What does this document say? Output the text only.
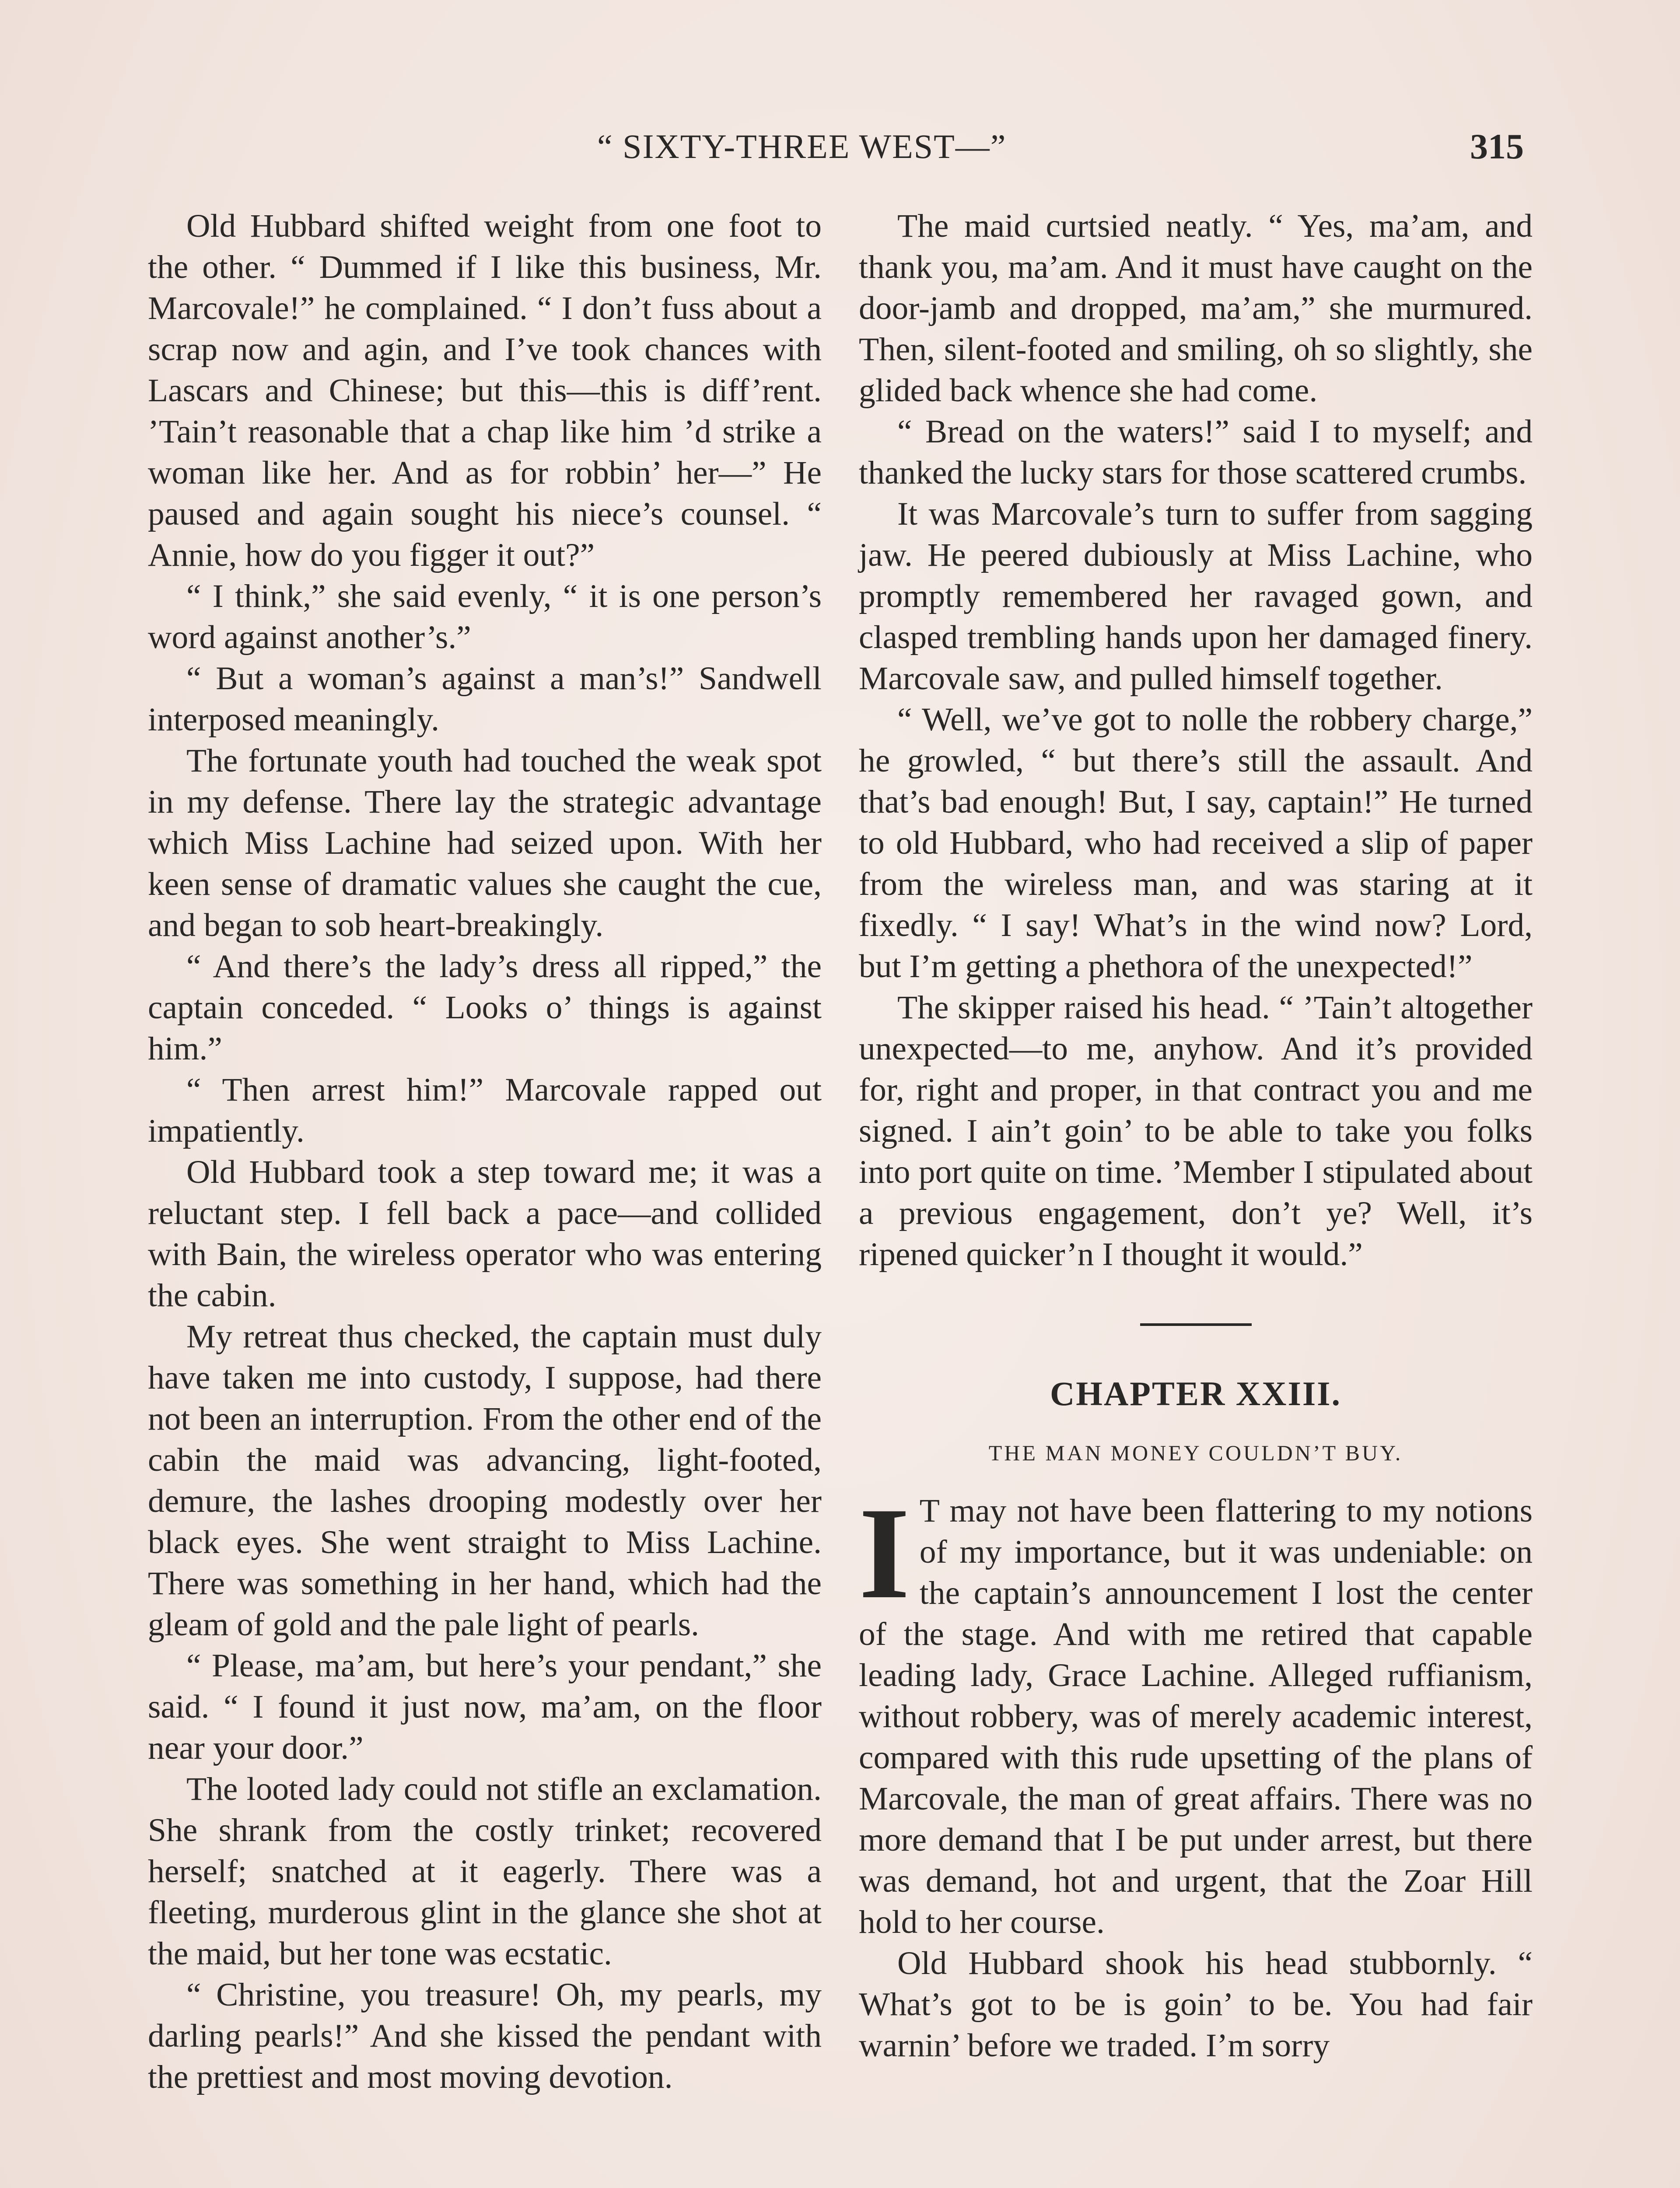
“ SIXTY-THREE WEST—”	315

Old Hubbard shifted weight from one foot to the other. “ Dummed if I like this business, Mr. Marcovale!” he complained. “ I don’t fuss about a scrap now and agin, and I’ve took chances with Lascars and Chinese; but this—this is diff’rent. ’Tain’t reasonable that a chap like him ’d strike a woman like her. And as for robbin’ her—” He paused and again sought his niece’s counsel. “ Annie, how do you figger it out?”

“ I think,” she said evenly, “ it is one person’s word against another’s.”

“ But a woman’s against a man’s!” Sandwell interposed meaningly.

The fortunate youth had touched the weak spot in my defense. There lay the strategic advantage which Miss Lachine had seized upon. With her keen sense of dramatic values she caught the cue, and began to sob heart-breakingly.

“ And there’s the lady’s dress all ripped,” the captain conceded. “ Looks o’ things is against him.”

“ Then arrest him!” Marcovale rapped out impatiently.

Old Hubbard took a step toward me; it was a reluctant step. I fell back a pace—and collided with Bain, the wireless operator who was entering the cabin.

My retreat thus checked, the captain must duly have taken me into custody, I suppose, had there not been an interruption. From the other end of the cabin the maid was advancing, light-footed, demure, the lashes drooping modestly over her black eyes. She went straight to Miss Lachine. There was something in her hand, which had the gleam of gold and the pale light of pearls.

“ Please, ma’am, but here’s your pendant,” she said. “ I found it just now, ma’am, on the floor near your door.”

The looted lady could not stifle an exclamation. She shrank from the costly trinket; recovered herself; snatched at it eagerly. There was a fleeting, murderous glint in the glance she shot at the maid, but her tone was ecstatic.

“ Christine, you treasure! Oh, my pearls, my darling pearls!” And she kissed the pendant with the prettiest and most moving devotion.

The maid curtsied neatly. “ Yes, ma’am, and thank you, ma’am. And it must have caught on the door-jamb and dropped, ma’am,” she murmured. Then, silent-footed and smiling, oh so slightly, she glided back whence she had come.

“ Bread on the waters!” said I to myself; and thanked the lucky stars for those scattered crumbs.

It was Marcovale’s turn to suffer from sagging jaw. He peered dubiously at Miss Lachine, who promptly remembered her ravaged gown, and clasped trembling hands upon her damaged finery. Marcovale saw, and pulled himself together.

“ Well, we’ve got to nolle the robbery charge,” he growled, “ but there’s still the assault. And that’s bad enough! But, I say, captain!” He turned to old Hubbard, who had received a slip of paper from the wireless man, and was staring at it fixedly. “ I say! What’s in the wind now? Lord, but I’m getting a phethora of the unexpected!”

The skipper raised his head. “ ’Tain’t altogether unexpected—to me, anyhow. And it’s provided for, right and proper, in that contract you and me signed. I ain’t goin’ to be able to take you folks into port quite on time. ’Member I stipulated about a previous engagement, don’t ye? Well, it’s ripened quicker’n I thought it would.”

CHAPTER XXIII.
THE MAN MONEY COULDN’T BUY.

I T may not have been flattering to my notions of my importance, but it was undeniable: on the captain’s announcement I lost the center of the stage. And with me retired that capable leading lady, Grace Lachine. Alleged ruffianism, without robbery, was of merely academic interest, compared with this rude upsetting of the plans of Marcovale, the man of great affairs. There was no more demand that I be put under arrest, but there was demand, hot and urgent, that the Zoar Hill hold to her course.

Old Hubbard shook his head stubbornly. “ What’s got to be is goin’ to be. You had fair warnin’ before we traded. I’m sorry
